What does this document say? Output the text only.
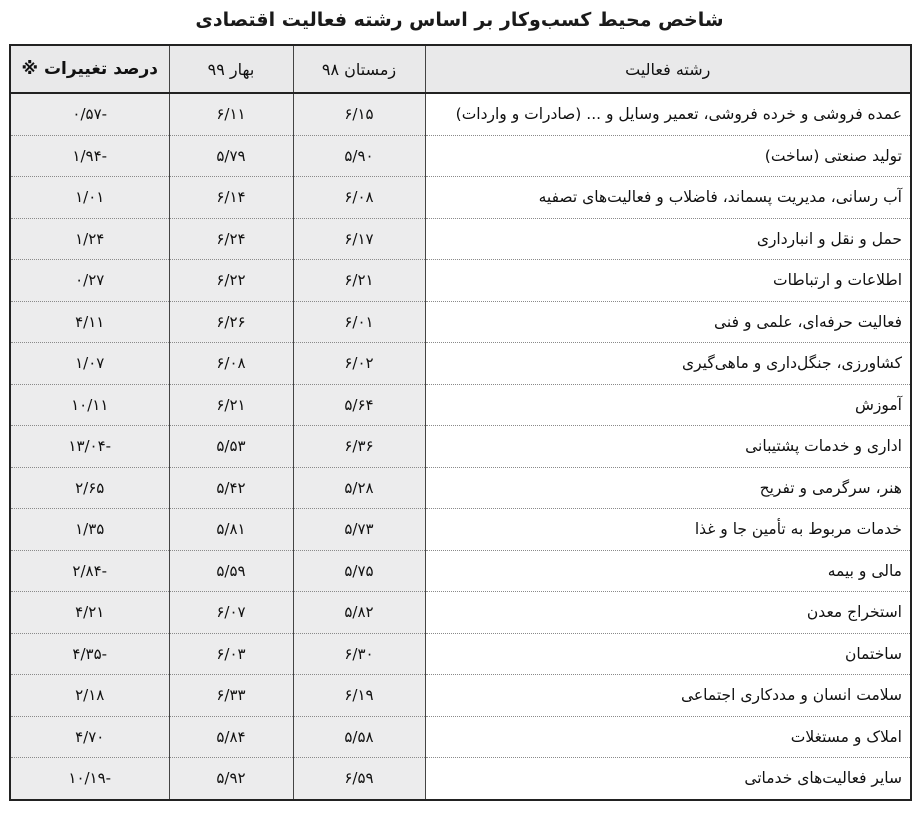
شاخص محیط کسب‌وکار بر اساس رشته فعالیت اقتصادی
رشته فعالیت	زمستان ۹۸	بهار ۹۹	درصد تغییرات ※
عمده فروشی و خرده فروشی، تعمیر وسایل و ... (صادرات و واردات)	۶/۱۵	۶/۱۱	-۰/۵۷
تولید صنعتی (ساخت)	۵/۹۰	۵/۷۹	-۱/۹۴
آب رسانی، مدیریت پسماند، فاضلاب و فعالیت‌های تصفیه	۶/۰۸	۶/۱۴	۱/۰۱
حمل و نقل و انبارداری	۶/۱۷	۶/۲۴	۱/۲۴
اطلاعات و ارتباطات	۶/۲۱	۶/۲۲	۰/۲۷
فعالیت حرفه‌ای، علمی و فنی	۶/۰۱	۶/۲۶	۴/۱۱
کشاورزی، جنگل‌داری و ماهی‌گیری	۶/۰۲	۶/۰۸	۱/۰۷
آموزش	۵/۶۴	۶/۲۱	۱۰/۱۱
اداری و خدمات پشتیبانی	۶/۳۶	۵/۵۳	-۱۳/۰۴
هنر، سرگرمی و تفریح	۵/۲۸	۵/۴۲	۲/۶۵
خدمات مربوط به تأمین جا و غذا	۵/۷۳	۵/۸۱	۱/۳۵
مالی و بیمه	۵/۷۵	۵/۵۹	-۲/۸۴
استخراج معدن	۵/۸۲	۶/۰۷	۴/۲۱
ساختمان	۶/۳۰	۶/۰۳	-۴/۳۵
سلامت انسان و مددکاری اجتماعی	۶/۱۹	۶/۳۳	۲/۱۸
املاک و مستغلات	۵/۵۸	۵/۸۴	۴/۷۰
سایر فعالیت‌های خدماتی	۶/۵۹	۵/۹۲	-۱۰/۱۹
